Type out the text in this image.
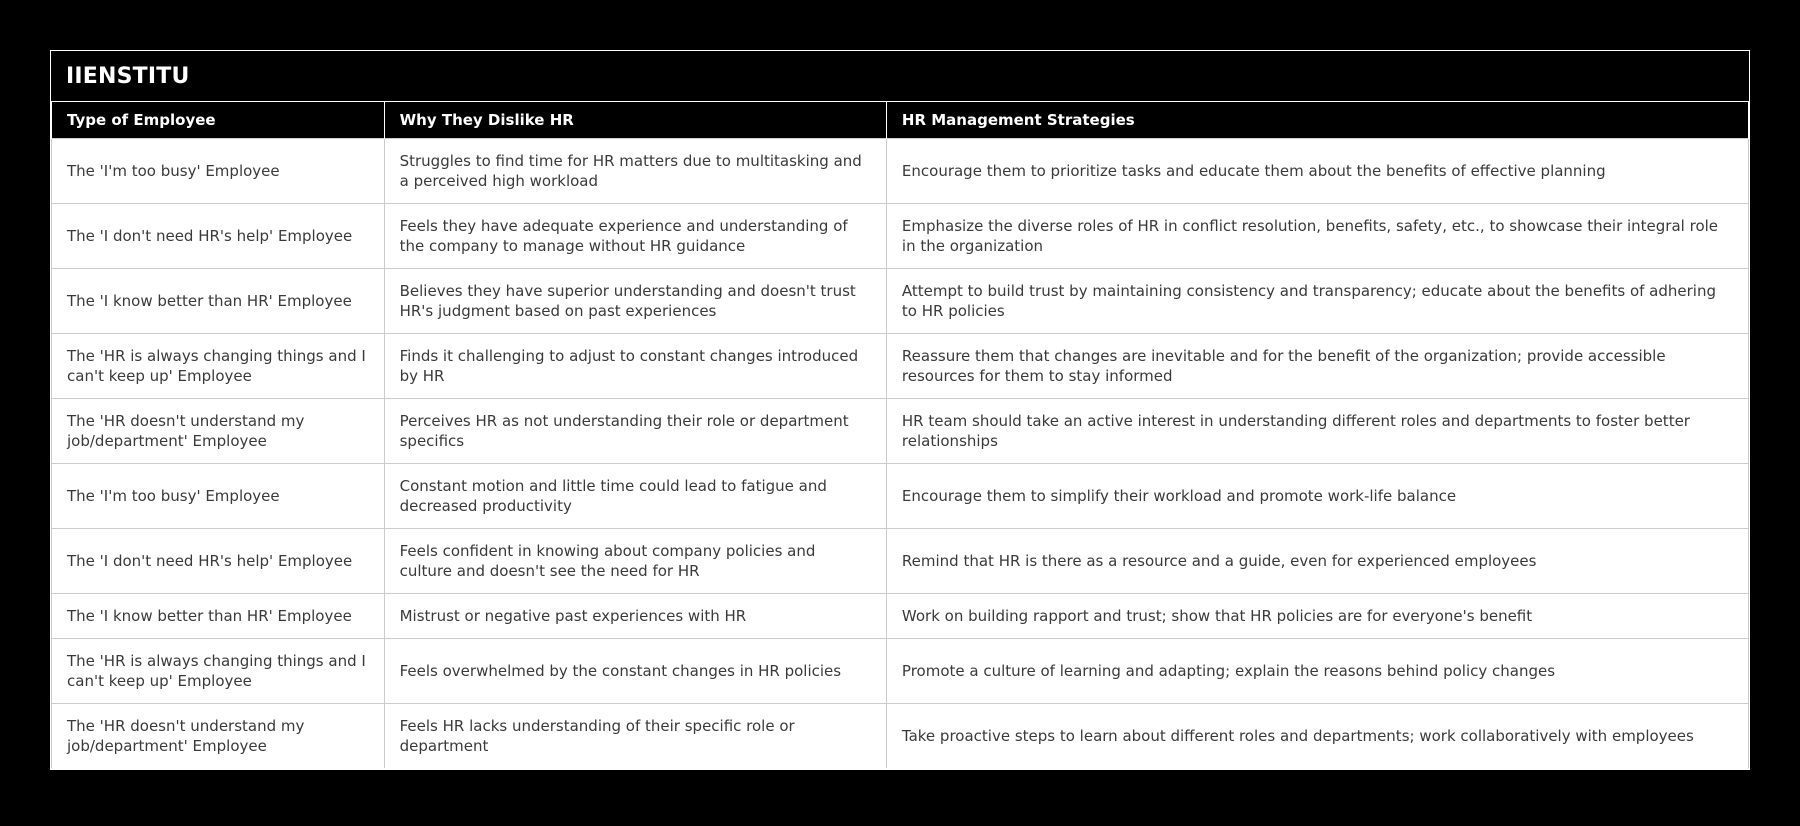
IIENSTITU
Type of Employee	Why They Dislike HR	HR Management Strategies
The 'I'm too busy' Employee	Struggles to find time for HR matters due to multitasking and a perceived high workload	Encourage them to prioritize tasks and educate them about the benefits of effective planning
The 'I don't need HR's help' Employee	Feels they have adequate experience and understanding of the company to manage without HR guidance	Emphasize the diverse roles of HR in conflict resolution, benefits, safety, etc., to showcase their integral role in the organization
The 'I know better than HR' Employee	Believes they have superior understanding and doesn't trust HR's judgment based on past experiences	Attempt to build trust by maintaining consistency and transparency; educate about the benefits of adhering to HR policies
The 'HR is always changing things and I can't keep up' Employee	Finds it challenging to adjust to constant changes introduced by HR	Reassure them that changes are inevitable and for the benefit of the organization; provide accessible resources for them to stay informed
The 'HR doesn't understand my job/department' Employee	Perceives HR as not understanding their role or department specifics	HR team should take an active interest in understanding different roles and departments to foster better relationships
The 'I'm too busy' Employee	Constant motion and little time could lead to fatigue and decreased productivity	Encourage them to simplify their workload and promote work-life balance
The 'I don't need HR's help' Employee	Feels confident in knowing about company policies and culture and doesn't see the need for HR	Remind that HR is there as a resource and a guide, even for experienced employees
The 'I know better than HR' Employee	Mistrust or negative past experiences with HR	Work on building rapport and trust; show that HR policies are for everyone's benefit
The 'HR is always changing things and I can't keep up' Employee	Feels overwhelmed by the constant changes in HR policies	Promote a culture of learning and adapting; explain the reasons behind policy changes
The 'HR doesn't understand my job/department' Employee	Feels HR lacks understanding of their specific role or department	Take proactive steps to learn about different roles and departments; work collaboratively with employees
